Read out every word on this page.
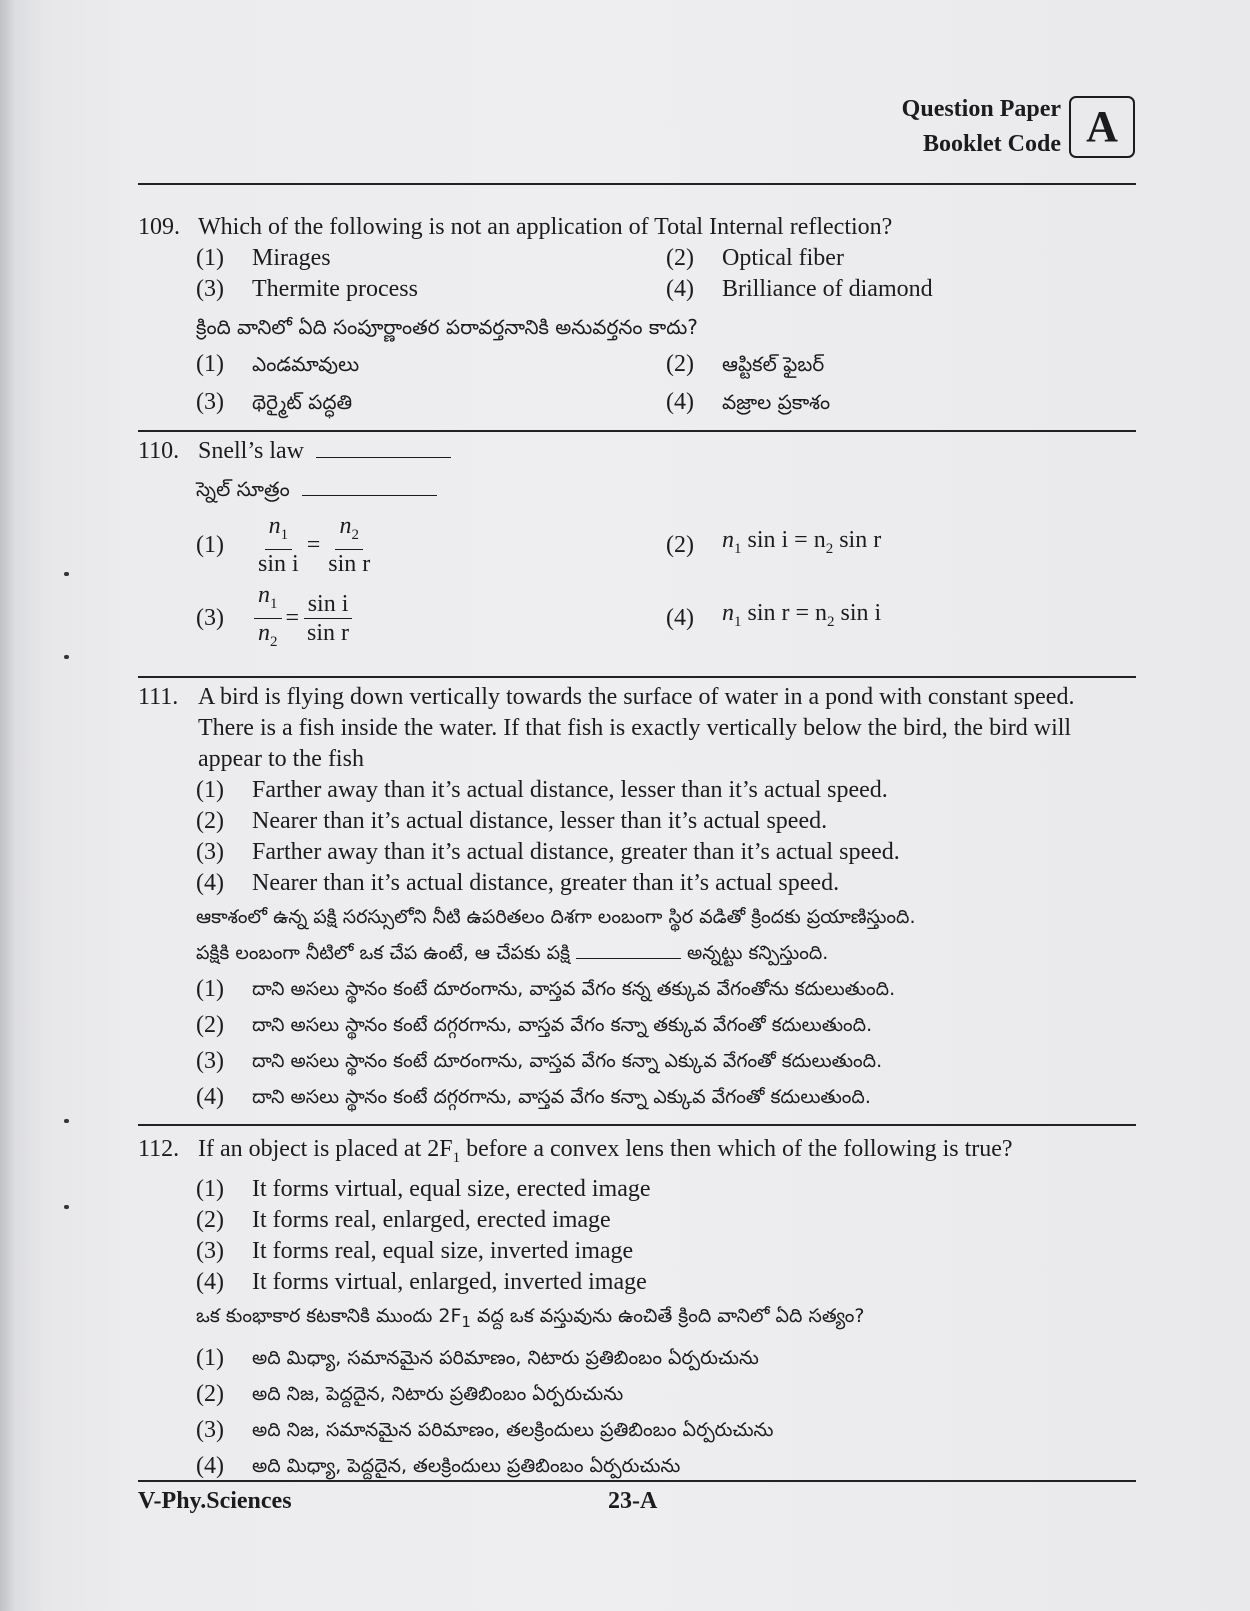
Question Paper
Booklet Code A
109. Which of the following is not an application of Total Internal reflection?
(1)	Mirages	(2)	Optical fiber
(3)	Thermite process	(4)	Brilliance of diamond
క్రింది వానిలో ఏది సంపూర్ణాంతర పరావర్తనానికి అనువర్తనం కాదు?
(1)	ఎండమావులు	(2)	ఆప్టికల్ ఫైబర్
(3)	థెర్మైట్ పద్ధతి	(4)	వజ్రాల ప్రకాశం
110. Snell’s law
స్నెల్ సూత్రం
(1)	$\frac{n_1}{\text{sin i}} = \frac{n_2}{\text{sin r}}$	(2)	$n_1$ $\sin i = n_2$ sin r
(3)	$\frac{n_1}{n_2} = \frac{\text{sin i}}{\text{sin r}}$	(4)	$n_1$ $\sin r = n_2$ sin i
111. A bird is flying down vertically towards the surface of water in a pond with constant speed.
There is a fish inside the water. If that fish is exactly vertically below the bird, the bird will
appear to the fish
(1)	Farther away than it’s actual distance, lesser than it’s actual speed.
(2)	Nearer than it’s actual distance, lesser than it’s actual speed.
(3)	Farther away than it’s actual distance, greater than it’s actual speed.
(4)	Nearer than it’s actual distance, greater than it’s actual speed.
ఆకాశంలో ఉన్న పక్షి సరస్సులోని నీటి ఉపరితలం దిశగా లంబంగా స్థిర వడితో క్రిందకు ప్రయాణిస్తుంది.
పక్షికి లంబంగా నీటిలో ఒక చేప ఉంటే, ఆ చేపకు పక్షి	అన్నట్టు కన్పిస్తుంది.
(1)	దాని అసలు స్థానం కంటే దూరంగాను, వాస్తవ వేగం కన్న తక్కువ వేగంతోను కదులుతుంది.
(2)	దాని అసలు స్థానం కంటే దగ్గరగాను, వాస్తవ వేగం కన్నా తక్కువ వేగంతో కదులుతుంది.
(3)	దాని అసలు స్థానం కంటే దూరంగాను, వాస్తవ వేగం కన్నా ఎక్కువ వేగంతో కదులుతుంది.
(4)	దాని అసలు స్థానం కంటే దగ్గరగాను, వాస్తవ వేగం కన్నా ఎక్కువ వేగంతో కదులుతుంది.
112. If an object is placed at $2F_1$ before a convex lens then which of the following is true?
(1)	It forms virtual, equal size, erected image
(2)	It forms real, enlarged, erected image
(3)	It forms real, equal size, inverted image
(4)	It forms virtual, enlarged, inverted image
ఒక కుంభాకార కటకానికి ముందు $2F_1$ వద్ద ఒక వస్తువును ఉంచితే క్రింది వానిలో ఏది సత్యం?
(1)	అది మిధ్యా, సమానమైన పరిమాణం, నిటారు ప్రతిబింబం ఏర్పరుచును
(2)	అది నిజ, పెద్దదైన, నిటారు ప్రతిబింబం ఏర్పరుచును
(3)	అది నిజ, సమానమైన పరిమాణం, తలక్రిందులు ప్రతిబింబం ఏర్పరుచును
(4)	అది మిధ్యా, పెద్దదైన, తలక్రిందులు ప్రతిబింబం ఏర్పరుచును
V-Phy.Sciences	23-A
